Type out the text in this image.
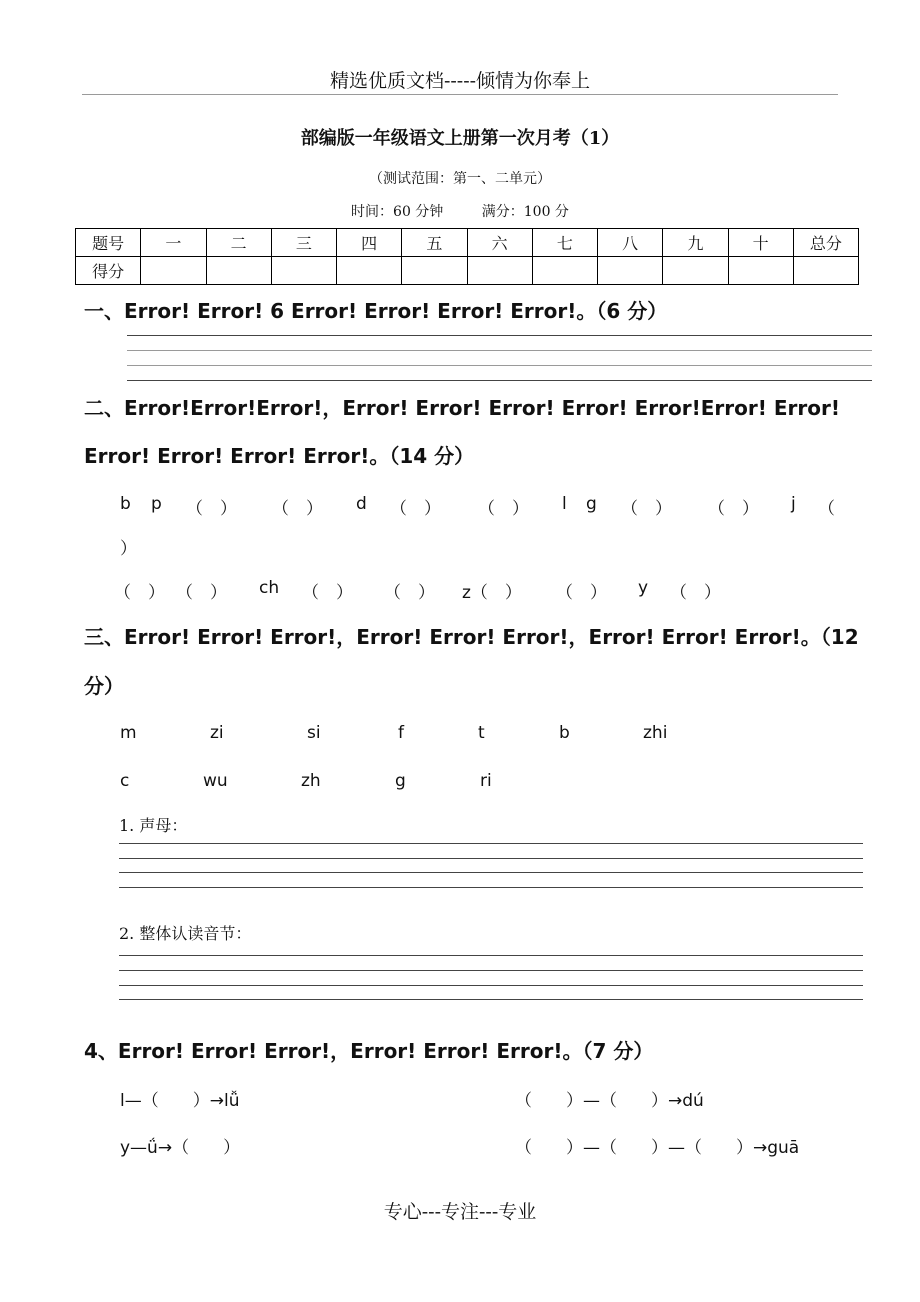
精选优质文档-----倾情为你奉上
部编版一年级语文上册第一次月考（1）
（测试范围：第一、二单元）
时间：60 分钟	满分：100 分
题号	一	二	三	四	五	六	七	八	九	十	总分
得分											
一、Error! Error! 6 Error! Error! Error! Error!。（6 分）
二、Error!Error!Error!，Error! Error! Error! Error! Error!Error! Error!
Error! Error! Error! Error!。（14 分）
b p （　） （　） d （　） （　） l g （　） （　） j （
）
（　） （　） ch （　） （　） z（　） （　） y （　）
三、Error! Error! Error!，Error! Error! Error!，Error! Error! Error!。（12
分）
m	zi	si	f	t	b	zhi
c	wu	zh	g	ri
1. 声母：
2. 整体认读音节：
4、Error! Error! Error!，Error! Error! Error!。（7 分）
l—（　　）→lǚ	（　　）—（　　）→dú
y—ǘ→（　　）	（　　）—（　　）—（　　）→guā
专心---专注---专业
